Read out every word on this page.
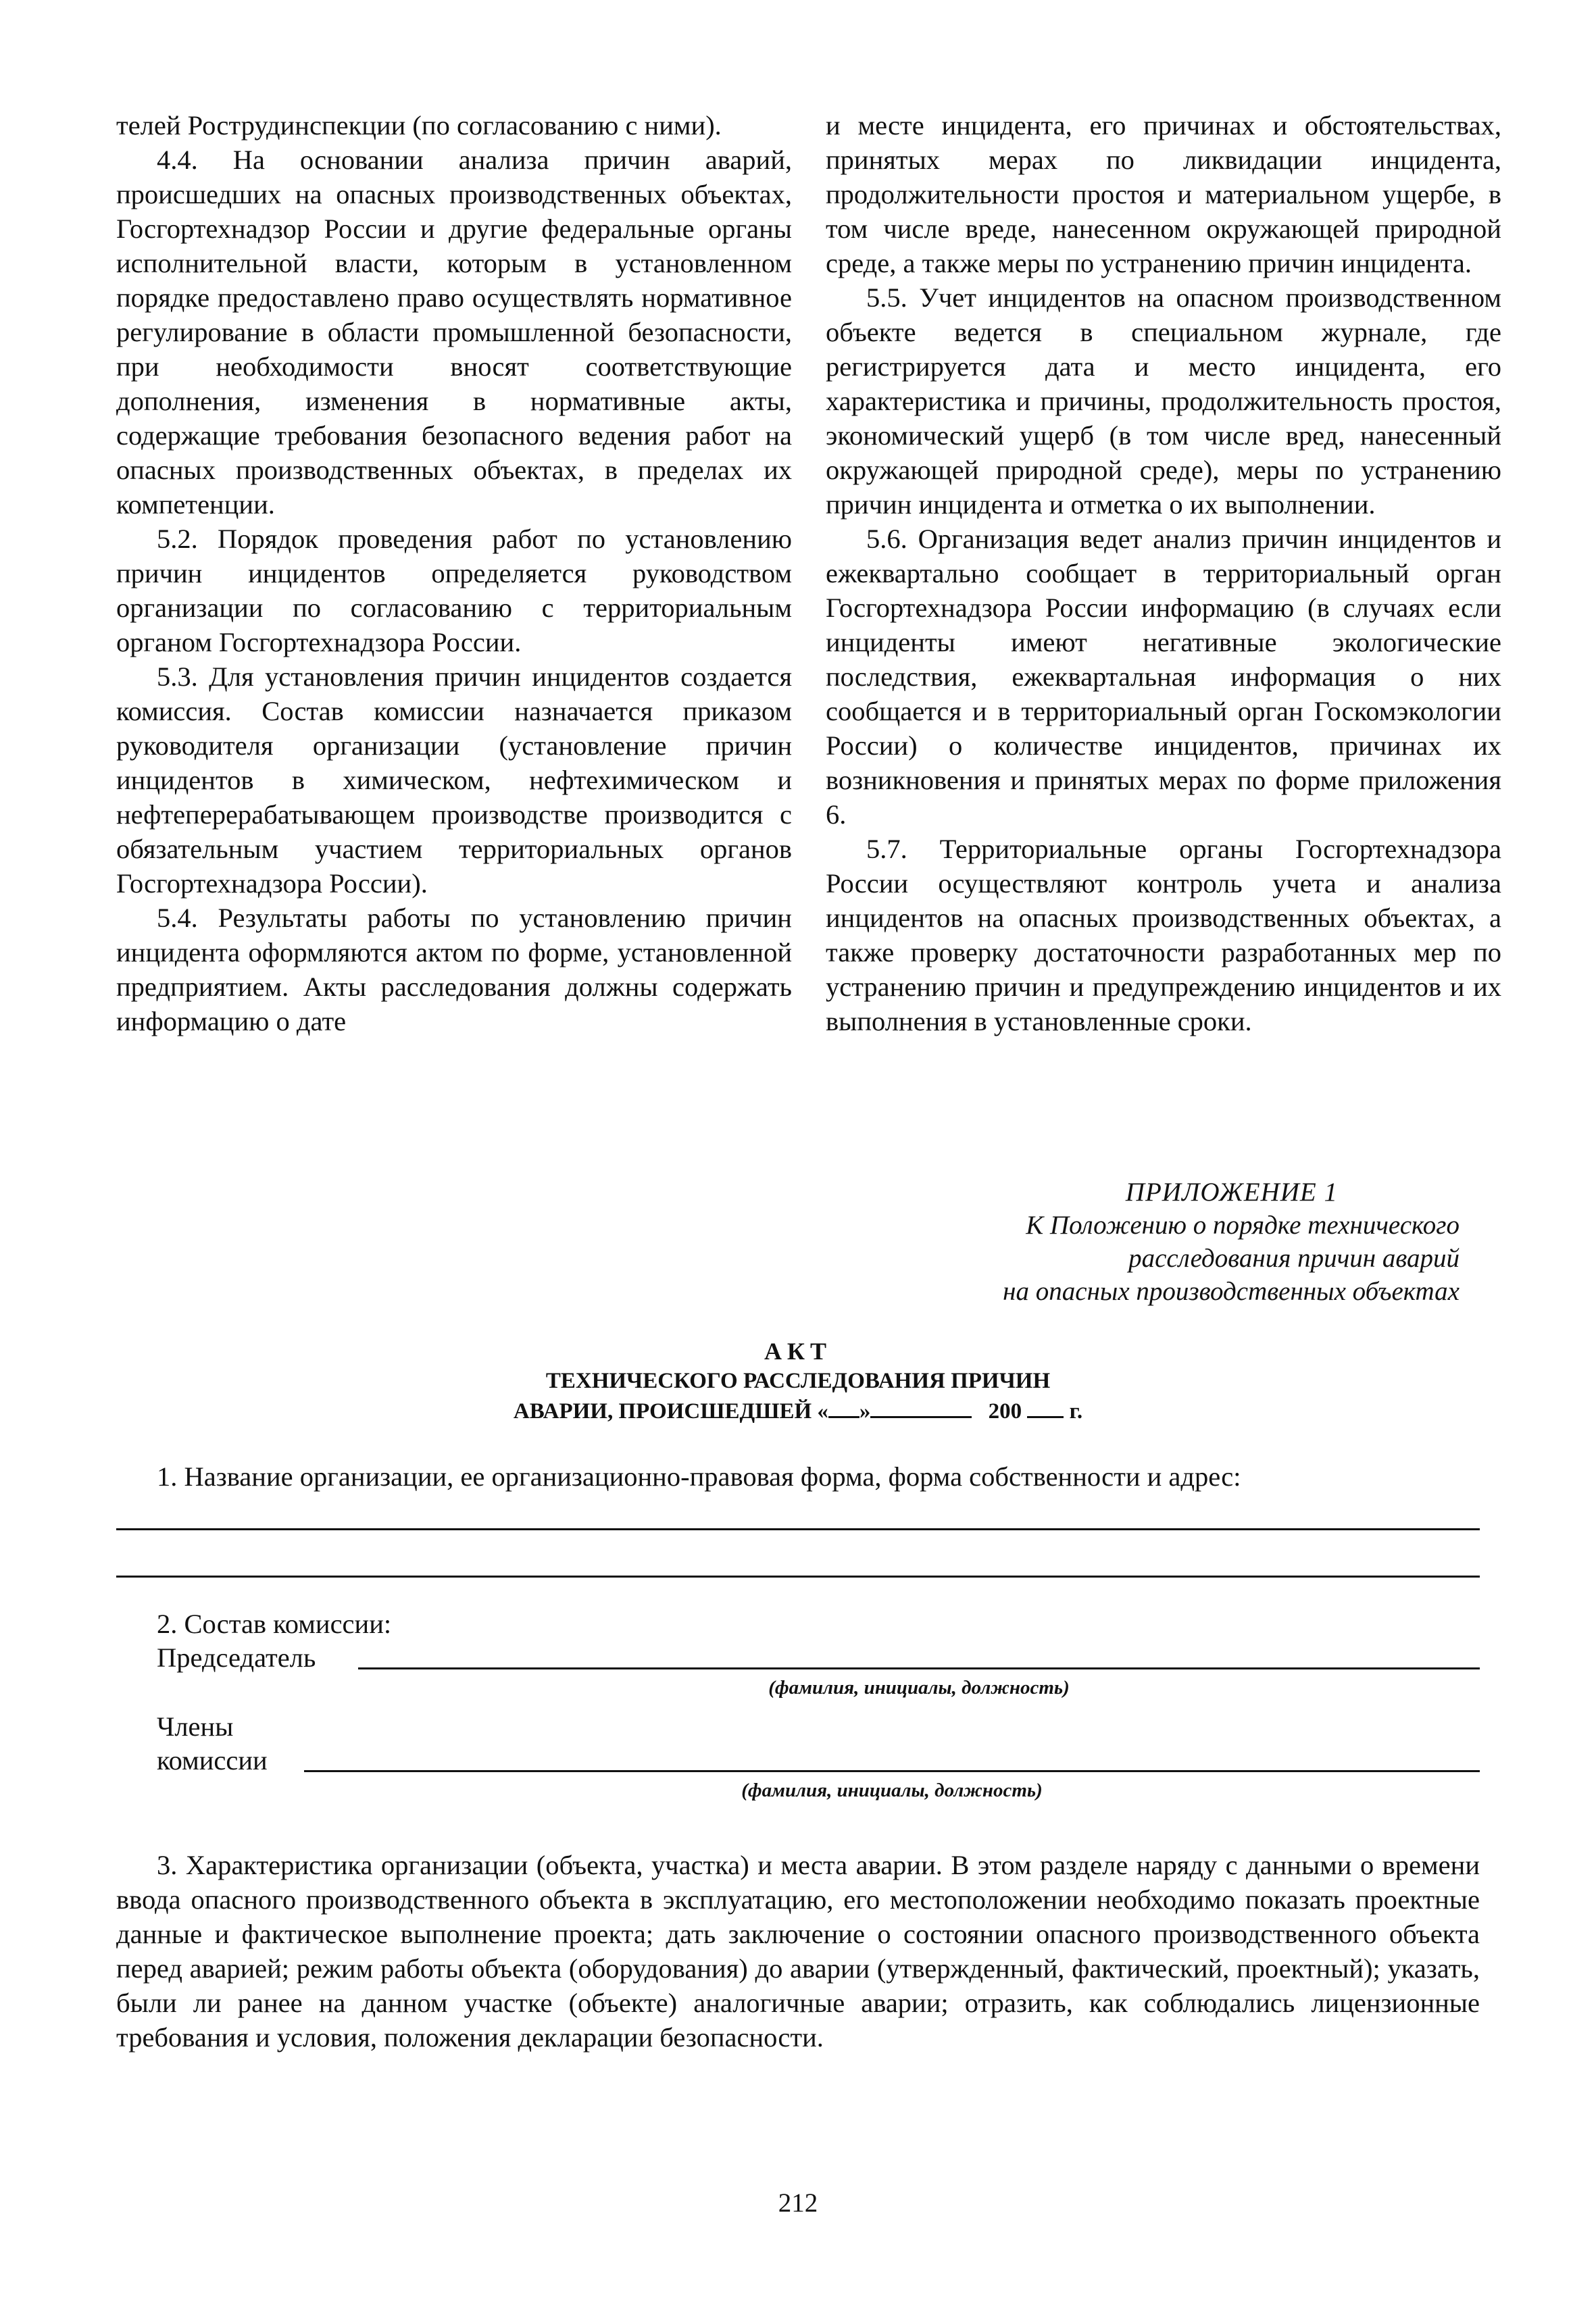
телей Рострудинспекции (по согласованию с ними).

4.4. На основании анализа причин аварий, происшедших на опасных производственных объектах, Госгортехнадзор России и другие федеральные органы исполнительной власти, которым в установленном порядке предоставлено право осуществлять нормативное регулирование в области промышленной безопасности, при необходимости вносят соответствующие дополнения, изменения в нормативные акты, содержащие требования безопасного ведения работ на опасных производственных объектах, в пределах их компетенции.

5.2. Порядок проведения работ по установлению причин инцидентов определяется руководством организации по согласованию с территориальным органом Госгортехнадзора России.

5.3. Для установления причин инцидентов создается комиссия. Состав комиссии назначается приказом руководителя организации (установление причин инцидентов в химическом, нефтехимическом и нефтеперерабатывающем производстве производится с обязательным участием территориальных органов Госгортехнадзора России).

5.4. Результаты работы по установлению причин инцидента оформляются актом по форме, установленной предприятием. Акты расследования должны содержать информацию о дате

и месте инцидента, его причинах и обстоятельствах, принятых мерах по ликвидации инцидента, продолжительности простоя и материальном ущербе, в том числе вреде, нанесенном окружающей природной среде, а также меры по устранению причин инцидента.

5.5. Учет инцидентов на опасном производственном объекте ведется в специальном журнале, где регистрируется дата и место инцидента, его характеристика и причины, продолжительность простоя, экономический ущерб (в том числе вред, нанесенный окружающей природной среде), меры по устранению причин инцидента и отметка о их выполнении.

5.6. Организация ведет анализ причин инцидентов и ежеквартально сообщает в территориальный орган Госгортехнадзора России информацию (в случаях если инциденты имеют негативные экологические последствия, ежеквартальная информация о них сообщается и в территориальный орган Госкомэкологии России) о количестве инцидентов, причинах их возникновения и принятых мерах по форме приложения 6.

5.7. Территориальные органы Госгортехнадзора России осуществляют контроль учета и анализа инцидентов на опасных производственных объектах, а также проверку достаточности разработанных мер по устранению причин и предупреждению инцидентов и их выполнения в установленные сроки.

ПРИЛОЖЕНИЕ 1
К Положению о порядке технического
расследования причин аварий
на опасных производственных объектах
АКТ
ТЕХНИЧЕСКОГО РАССЛЕДОВАНИЯ ПРИЧИН
АВАРИИ, ПРОИСШЕДШЕЙ « »	200 г.
1. Название организации, ее организационно-правовая форма, форма собственности и адрес:
2. Состав комиссии:
Председатель
(фамилия, инициалы, должность)
Члены
комиссии
(фамилия, инициалы, должность)
3. Характеристика организации (объекта, участка) и места аварии. В этом разделе наряду с данными о времени ввода опасного производственного объекта в эксплуатацию, его местоположении необходимо показать проектные данные и фактическое выполнение проекта; дать заключение о состоянии опасного производственного объекта перед аварией; режим работы объекта (оборудования) до аварии (утвержденный, фактический, проектный); указать, были ли ранее на данном участке (объекте) аналогичные аварии; отразить, как соблюдались лицензионные требования и условия, положения декларации безопасности.
212
